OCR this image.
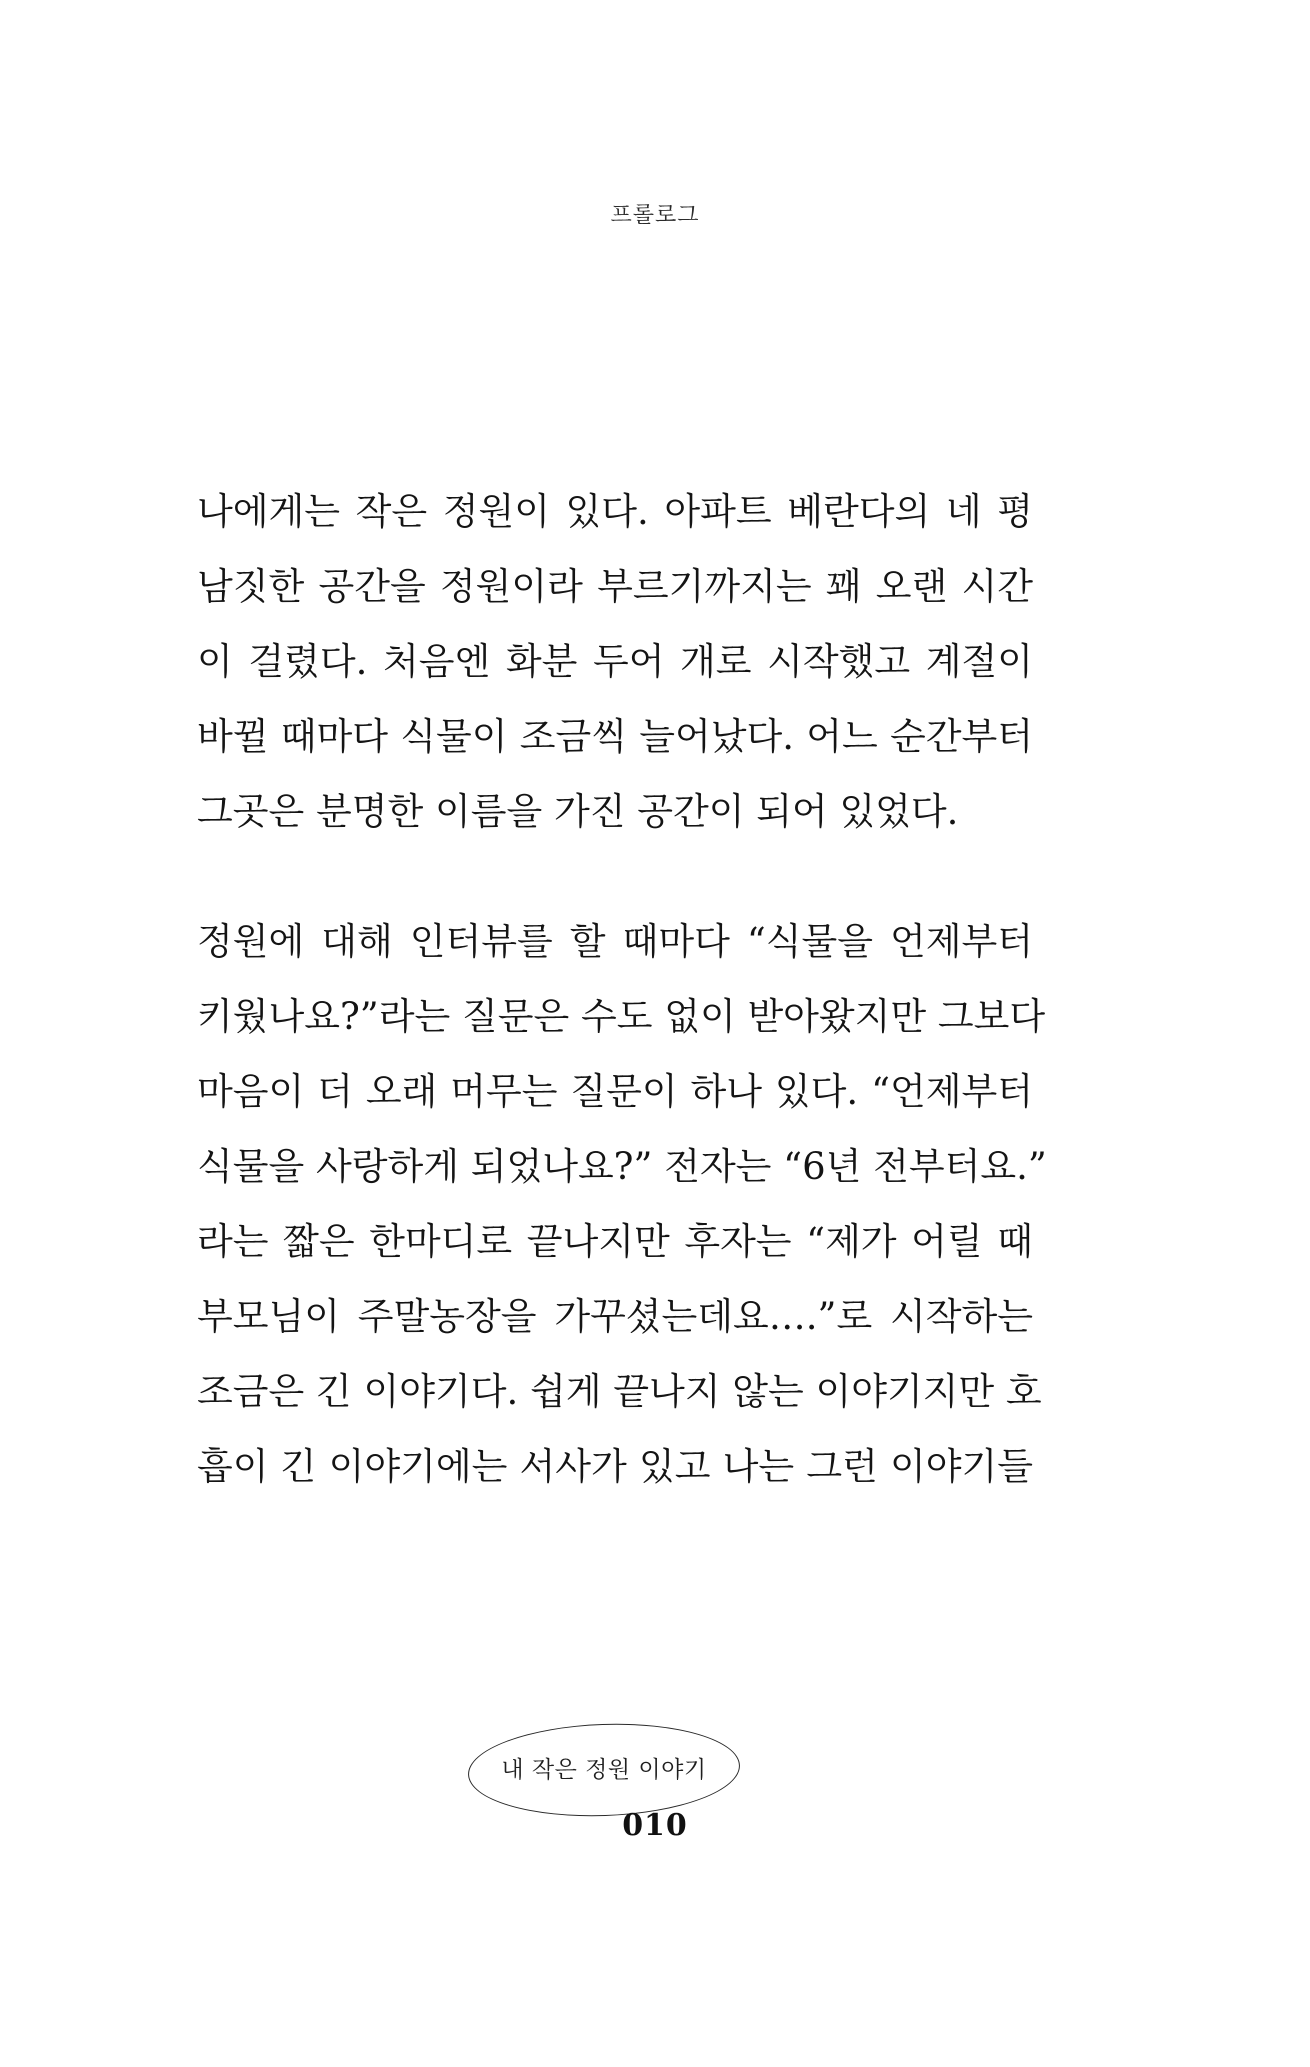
프롤로그
나에게는 작은 정원이 있다. 아파트 베란다의 네 평
남짓한 공간을 정원이라 부르기까지는 꽤 오랜 시간
이 걸렸다. 처음엔 화분 두어 개로 시작했고 계절이
바뀔 때마다 식물이 조금씩 늘어났다. 어느 순간부터
그곳은 분명한 이름을 가진 공간이 되어 있었다.
정원에 대해 인터뷰를 할 때마다 “식물을 언제부터
키웠나요?”라는 질문은 수도 없이 받아왔지만 그보다
마음이 더 오래 머무는 질문이 하나 있다. “언제부터
식물을 사랑하게 되었나요?” 전자는 “6년 전부터요.”
라는 짧은 한마디로 끝나지만 후자는 “제가 어릴 때
부모님이 주말농장을 가꾸셨는데요….”로 시작하는
조금은 긴 이야기다. 쉽게 끝나지 않는 이야기지만 호
흡이 긴 이야기에는 서사가 있고 나는 그런 이야기들
내 작은 정원 이야기
010
